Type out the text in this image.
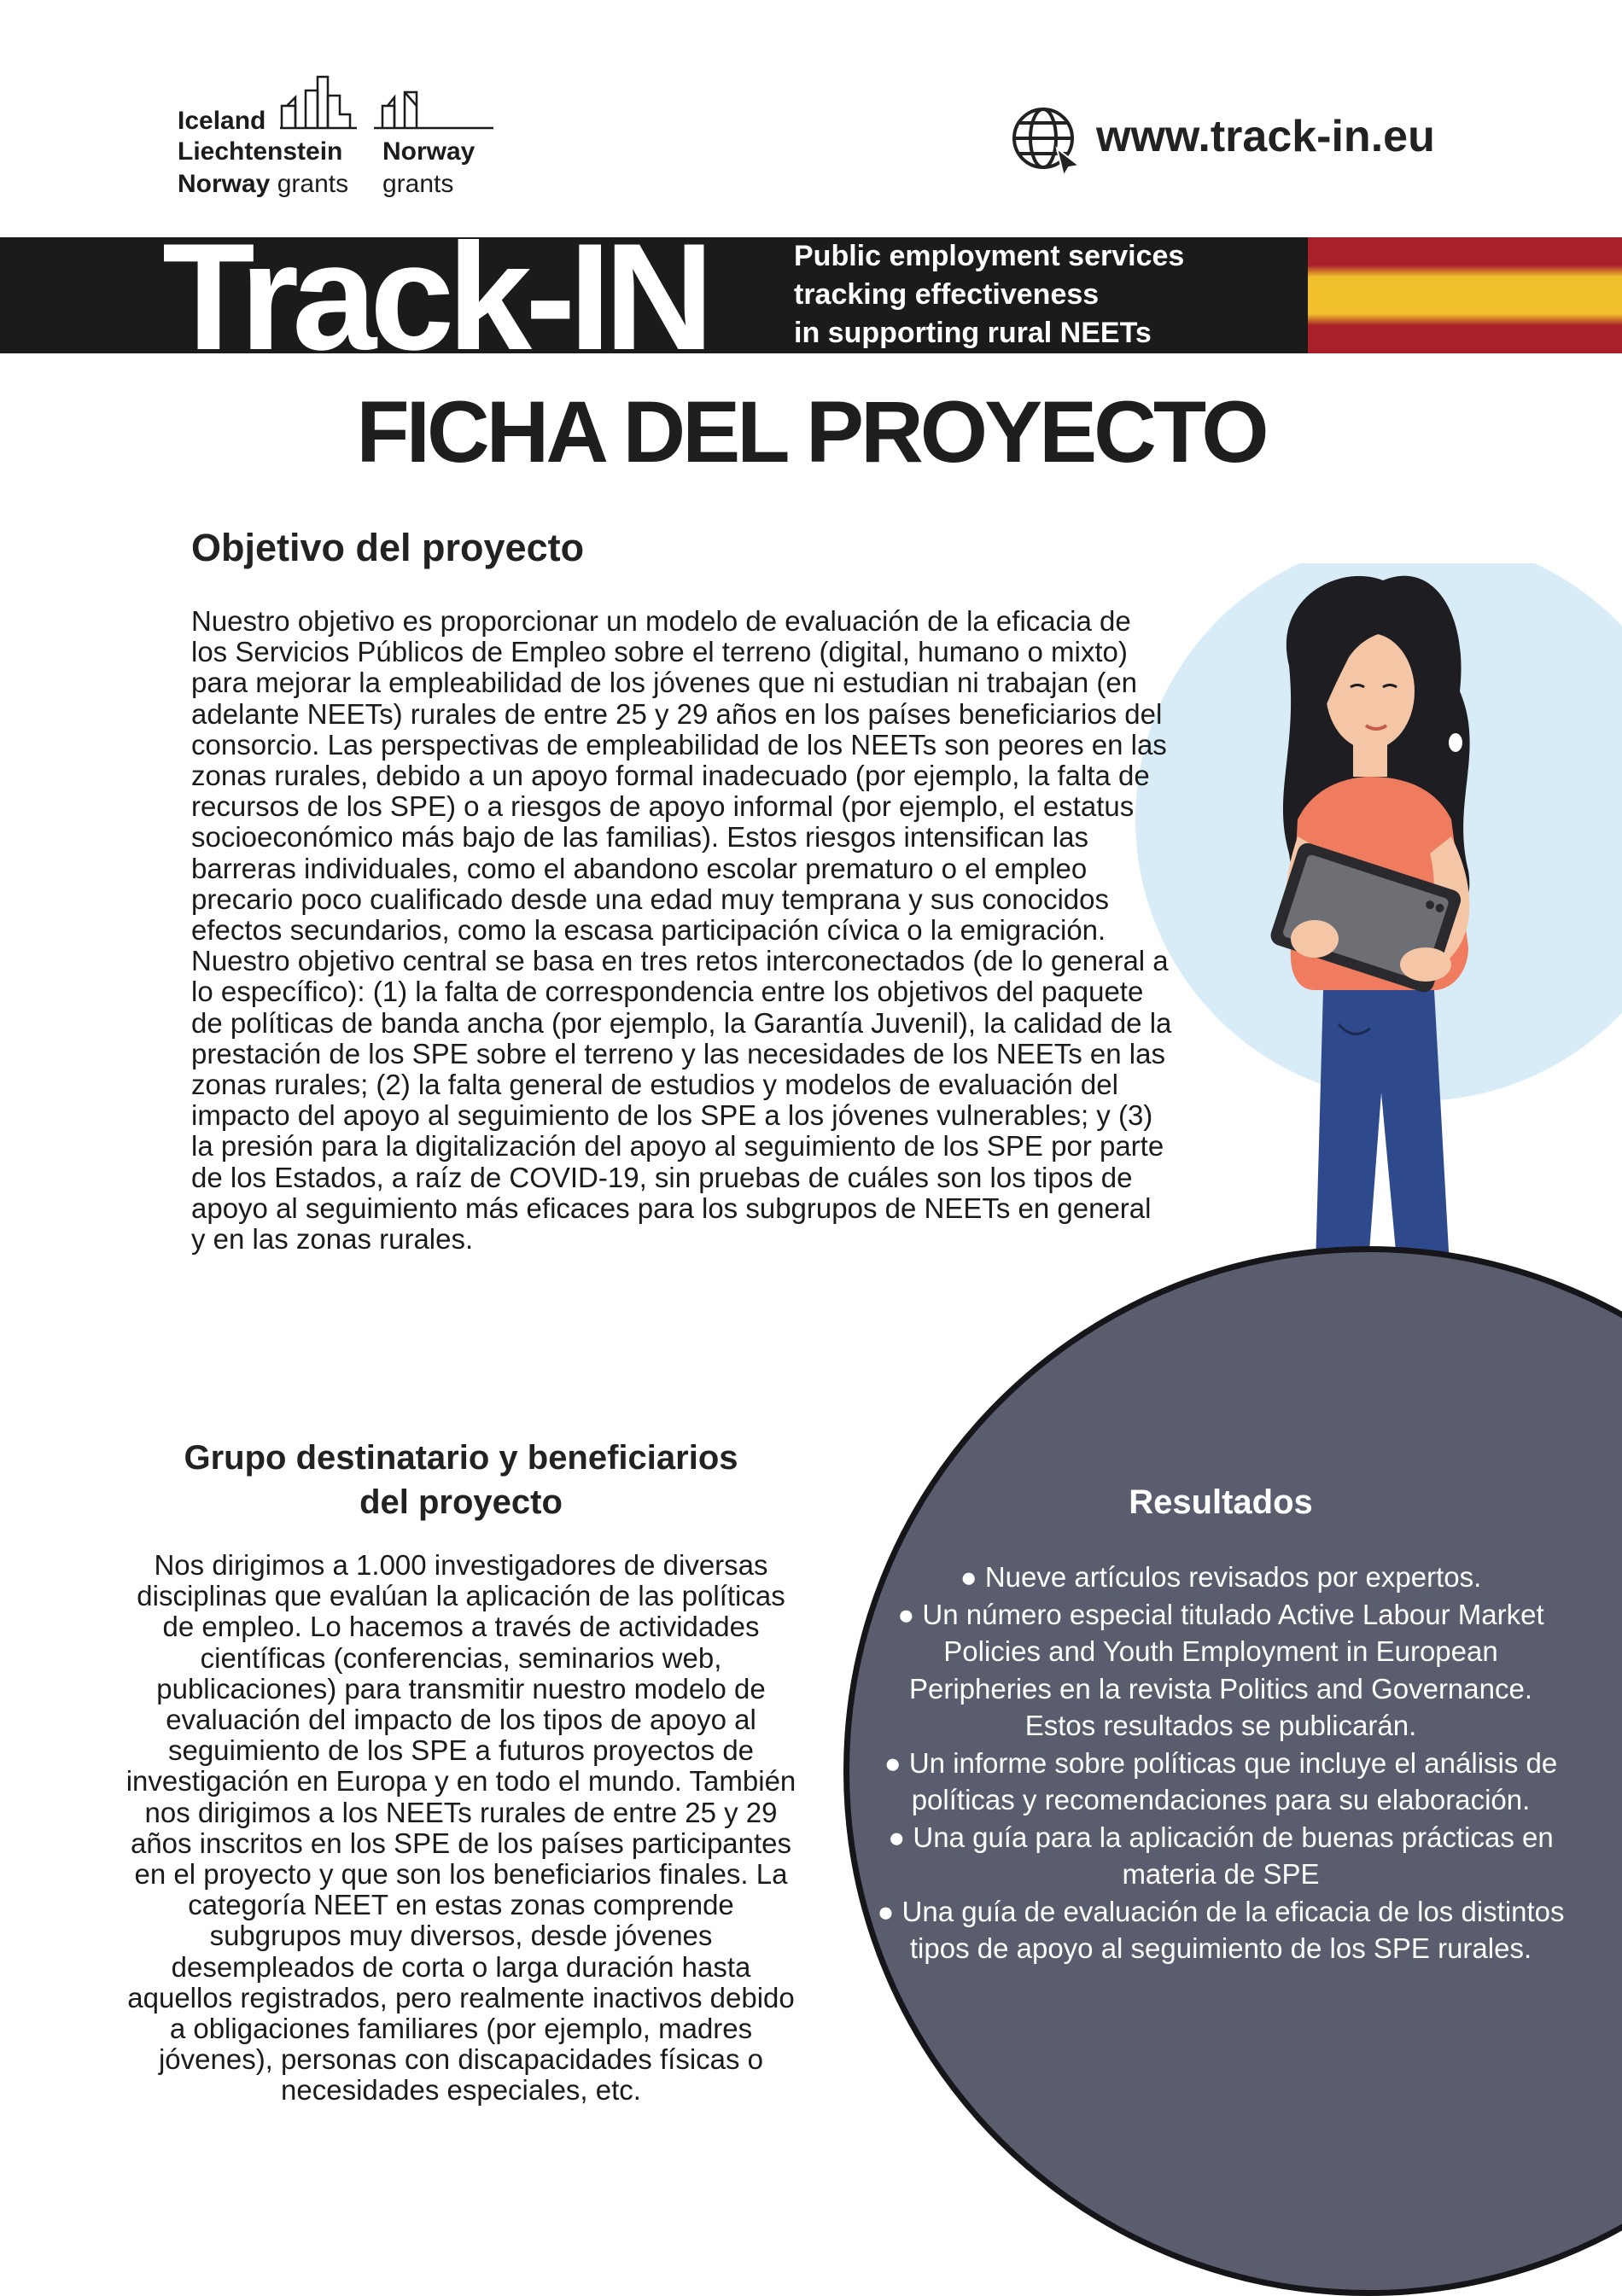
Iceland
Liechtenstein
Norway grants
Norway
grants
www.track-in.eu
Track-IN	Public employment services
tracking effectiveness
in supporting rural NEETs
FICHA DEL PROYECTO
Objetivo del proyecto

Nuestro objetivo es proporcionar un modelo de evaluación de la eficacia de los Servicios Públicos de Empleo sobre el terreno (digital, humano o mixto) para mejorar la empleabilidad de los jóvenes que ni estudian ni trabajan (en adelante NEETs) rurales de entre 25 y 29 años en los países beneficiarios del consorcio. Las perspectivas de empleabilidad de los NEETs son peores en las zonas rurales, debido a un apoyo formal inadecuado (por ejemplo, la falta de recursos de los SPE) o a riesgos de apoyo informal (por ejemplo, el estatus socioeconómico más bajo de las familias). Estos riesgos intensifican las barreras individuales, como el abandono escolar prematuro o el empleo precario poco cualificado desde una edad muy temprana y sus conocidos efectos secundarios, como la escasa participación cívica o la emigración.

Nuestro objetivo central se basa en tres retos interconectados (de lo general a lo específico): (1) la falta de correspondencia entre los objetivos del paquete de políticas de banda ancha (por ejemplo, la Garantía Juvenil), la calidad de la prestación de los SPE sobre el terreno y las necesidades de los NEETs en las zonas rurales; (2) la falta general de estudios y modelos de evaluación del impacto del apoyo al seguimiento de los SPE a los jóvenes vulnerables; y (3) la presión para la digitalización del apoyo al seguimiento de los SPE por parte de los Estados, a raíz de COVID-19, sin pruebas de cuáles son los tipos de apoyo al seguimiento más eficaces para los subgrupos de NEETs en general y en las zonas rurales.

Grupo destinatario y beneficiarios
del proyecto
Nos dirigimos a 1.000 investigadores de diversas disciplinas que evalúan la aplicación de las políticas de empleo. Lo hacemos a través de actividades científicas (conferencias, seminarios web, publicaciones) para transmitir nuestro modelo de evaluación del impacto de los tipos de apoyo al seguimiento de los SPE a futuros proyectos de investigación en Europa y en todo el mundo. También nos dirigimos a los NEETs rurales de entre 25 y 29 años inscritos en los SPE de los países participantes en el proyecto y que son los beneficiarios finales. La categoría NEET en estas zonas comprende subgrupos muy diversos, desde jóvenes desempleados de corta o larga duración hasta aquellos registrados, pero realmente inactivos debido a obligaciones familiares (por ejemplo, madres jóvenes), personas con discapacidades físicas o necesidades especiales, etc.
Resultados
● Nueve artículos revisados por expertos.
● Un número especial titulado Active Labour Market Policies and Youth Employment in European Peripheries en la revista Politics and Governance. Estos resultados se publicarán.
● Un informe sobre políticas que incluye el análisis de políticas y recomendaciones para su elaboración.
● Una guía para la aplicación de buenas prácticas en materia de SPE
● Una guía de evaluación de la eficacia de los distintos tipos de apoyo al seguimiento de los SPE rurales.
